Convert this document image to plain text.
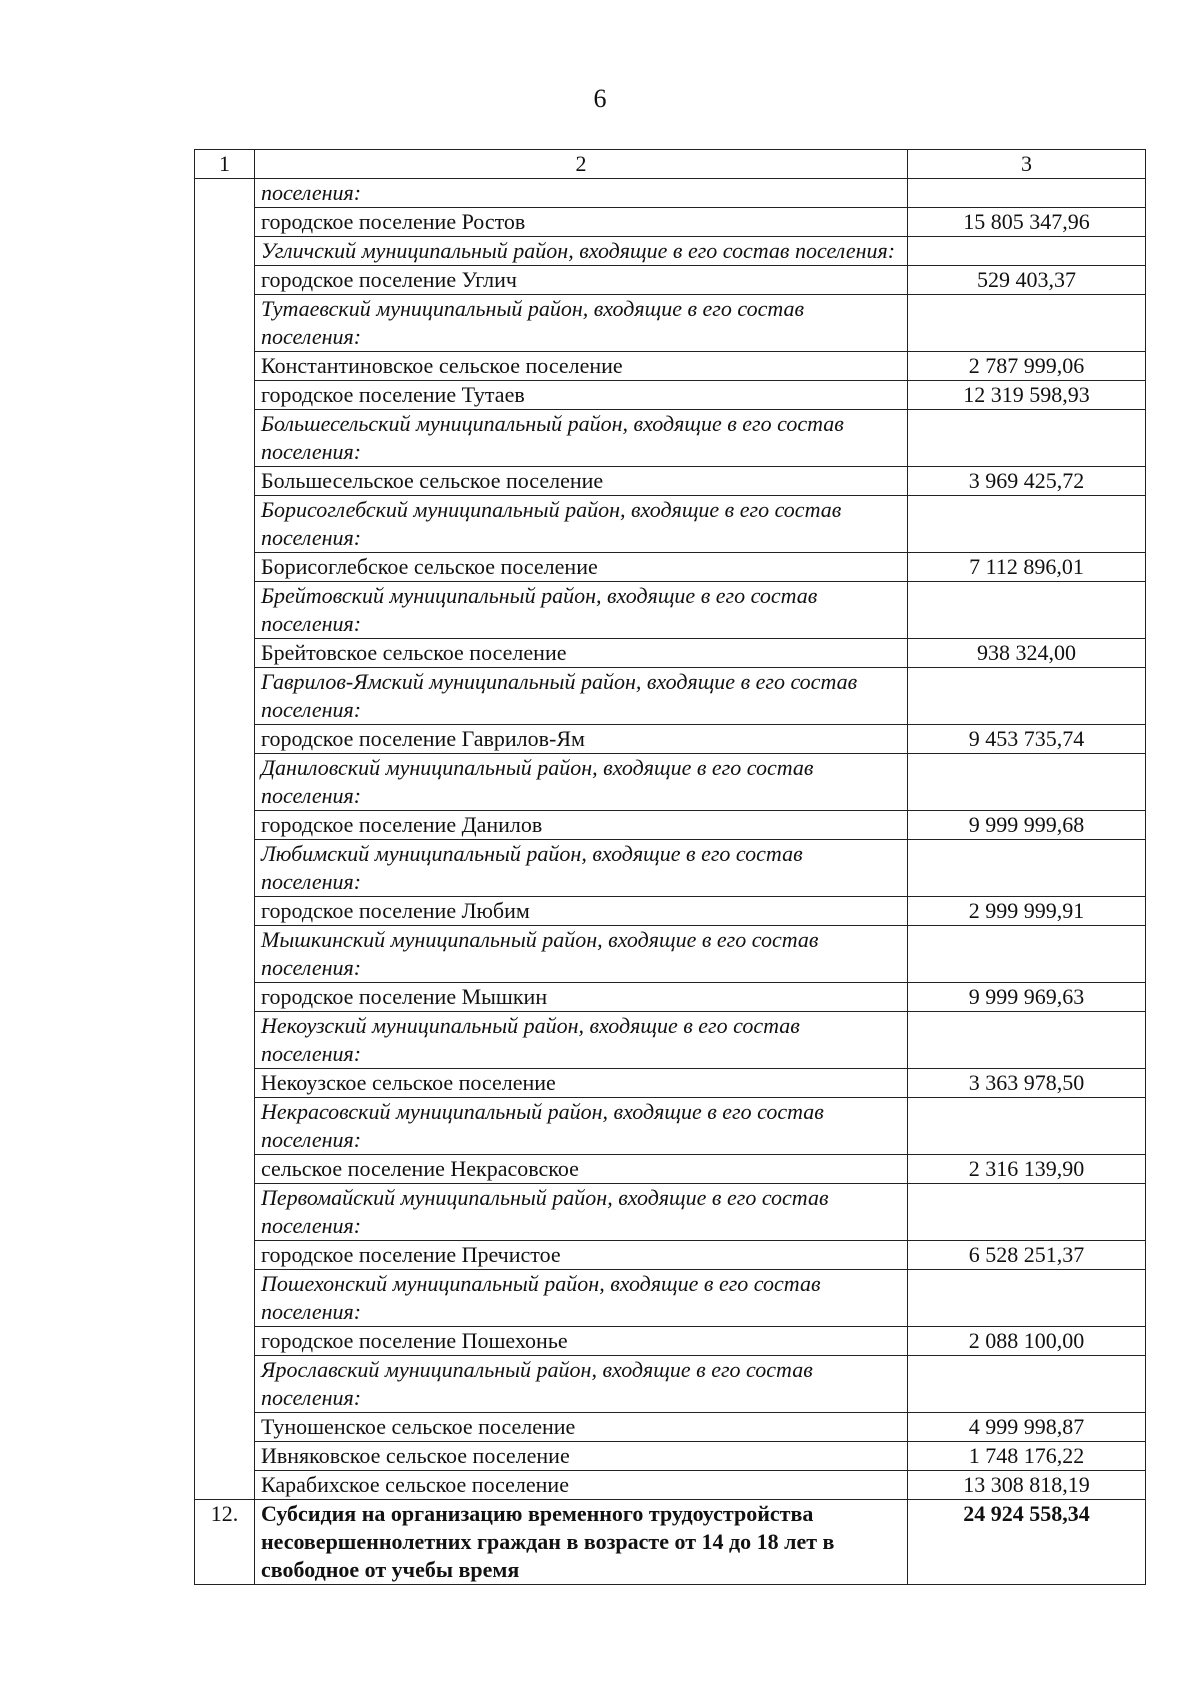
6
1	2	3
	поселения:	
	городское поселение Ростов	15 805 347,96
	Угличский муниципальный район, входящие в его состав поселения:	
	городское поселение Углич	529 403,37
	Тутаевский муниципальный район, входящие в его состав поселения:	
	Константиновское сельское поселение	2 787 999,06
	городское поселение Тутаев	12 319 598,93
	Большесельский муниципальный район, входящие в его состав поселения:	
	Большесельское сельское поселение	3 969 425,72
	Борисоглебский муниципальный район, входящие в его состав поселения:	
	Борисоглебское сельское поселение	7 112 896,01
	Брейтовский муниципальный район, входящие в его состав поселения:	
	Брейтовское сельское поселение	938 324,00
	Гаврилов-Ямский муниципальный район, входящие в его состав поселения:	
	городское поселение Гаврилов-Ям	9 453 735,74
	Даниловский муниципальный район, входящие в его состав поселения:	
	городское поселение Данилов	9 999 999,68
	Любимский муниципальный район, входящие в его состав поселения:	
	городское поселение Любим	2 999 999,91
	Мышкинский муниципальный район, входящие в его состав поселения:	
	городское поселение Мышкин	9 999 969,63
	Некоузский муниципальный район, входящие в его состав поселения:	
	Некоузское сельское поселение	3 363 978,50
	Некрасовский муниципальный район, входящие в его состав поселения:	
	сельское поселение Некрасовское	2 316 139,90
	Первомайский муниципальный район, входящие в его состав поселения:	
	городское поселение Пречистое	6 528 251,37
	Пошехонский муниципальный район, входящие в его состав поселения:	
	городское поселение Пошехонье	2 088 100,00
	Ярославский муниципальный район, входящие в его состав поселения:	
	Туношенское сельское поселение	4 999 998,87
	Ивняковское сельское поселение	1 748 176,22
	Карабихское сельское поселение	13 308 818,19
12.	Субсидия на организацию временного трудоустройства несовершеннолетних граждан в возрасте от 14 до 18 лет в свободное от учебы время	24 924 558,34
